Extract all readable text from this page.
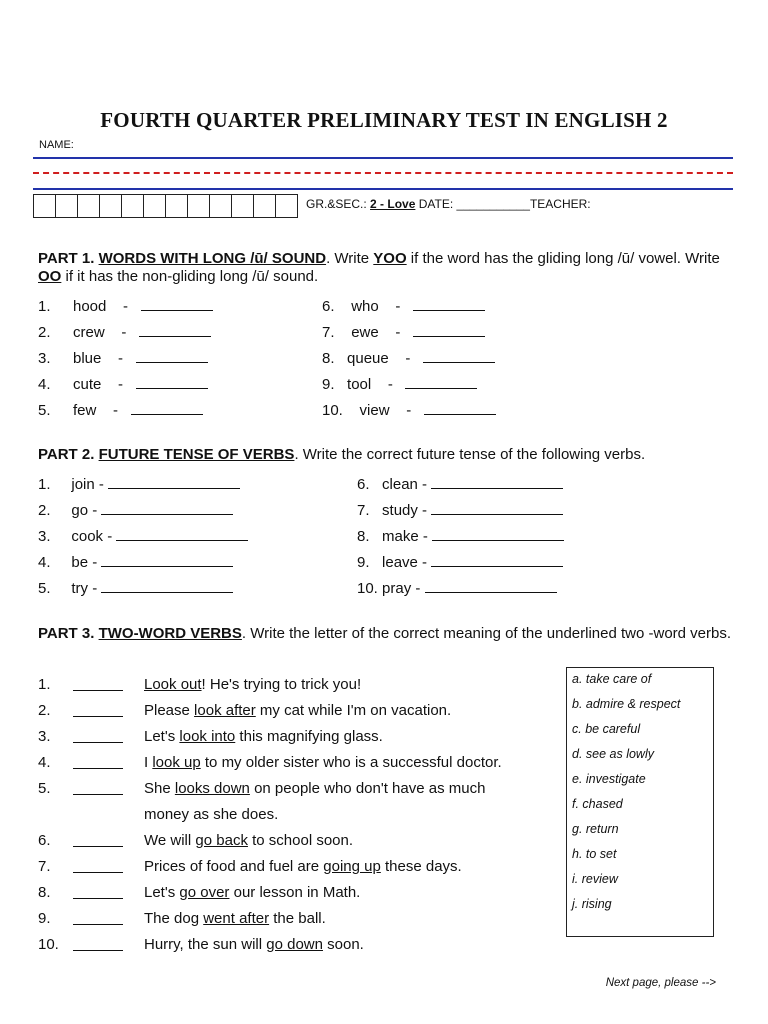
FOURTH QUARTER PRELIMINARY TEST IN ENGLISH 2
NAME:
GR.&SEC.: 2 - Love DATE: ___________TEACHER:
PART 1. WORDS WITH LONG /ū/ SOUND. Write YOO if the word has the gliding long /ū/ vowel. Write OO if it has the non-gliding long /ū/ sound.
1. hood    -
2. crew    -
3. blue    -
4. cute    -
5. few    -
6. who    -
7. ewe    -
8. queue    -
9. tool    -
10. view    -
PART 2. FUTURE TENSE OF VERBS. Write the correct future tense of the following verbs.
1. join -
2. go -
3. cook -
4. be -
5. try -
6. clean -
7. study -
8. make -
9. leave -
10. pray -
PART 3. TWO-WORD VERBS. Write the letter of the correct meaning of the underlined two -word verbs.
1.	Look out! He's trying to trick you!
2.	Please look after my cat while I'm on vacation.
3.	Let's look into this magnifying glass.
4.	I look up to my older sister who is a successful doctor.
5.	She looks down on people who don't have as much
money as she does.
6.	We will go back to school soon.
7.	Prices of food and fuel are going up these days.
8.	Let's go over our lesson in Math.
9.	The dog went after the ball.
10.	Hurry, the sun will go down soon.
a. take care of
b. admire & respect
c. be careful
d. see as lowly
e. investigate
f. chased
g. return
h. to set
i. review
j. rising
Next page, please -->
